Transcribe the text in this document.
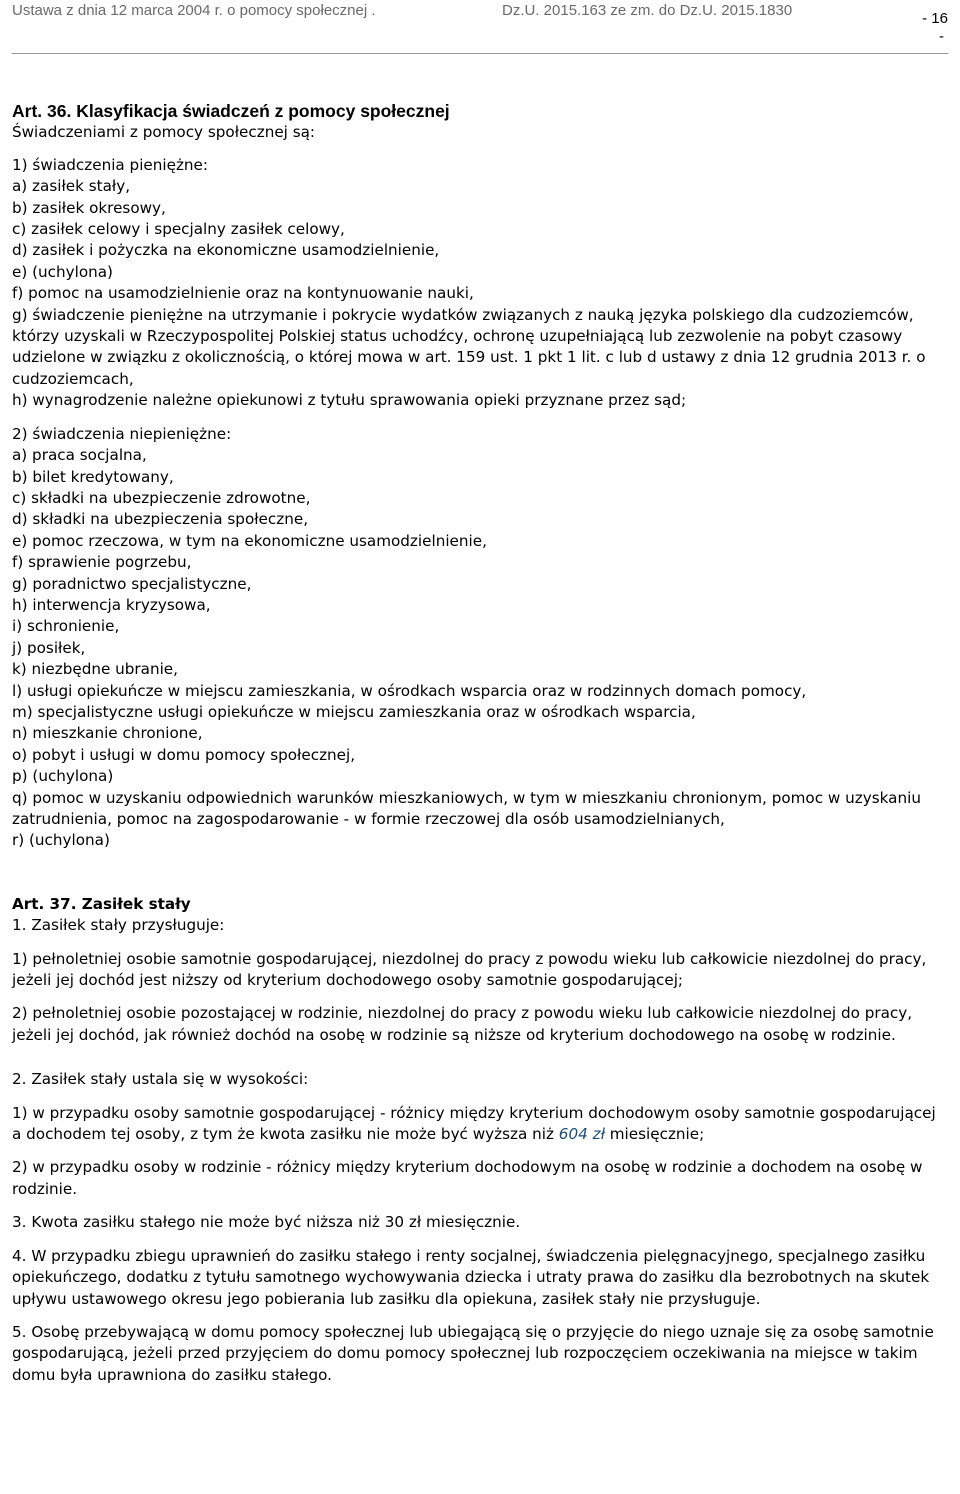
Ustawa z dnia 12 marca 2004 r. o pomocy społecznej .	Dz.U. 2015.163 ze zm. do Dz.U. 2015.1830	- 16
-

Art. 36. Klasyfikacja świadczeń z pomocy społecznej

Świadczeniami z pomocy społecznej są:

1) świadczenia pieniężne:

a) zasiłek stały,

b) zasiłek okresowy,

c) zasiłek celowy i specjalny zasiłek celowy,

d) zasiłek i pożyczka na ekonomiczne usamodzielnienie,

e) (uchylona)

f) pomoc na usamodzielnienie oraz na kontynuowanie nauki,

g) świadczenie pieniężne na utrzymanie i pokrycie wydatków związanych z nauką języka polskiego dla cudzoziemców, którzy uzyskali w Rzeczypospolitej Polskiej status uchodźcy, ochronę uzupełniającą lub zezwolenie na pobyt czasowy udzielone w związku z okolicznością, o której mowa w art. 159 ust. 1 pkt 1 lit. c lub d ustawy z dnia 12 grudnia 2013 r. o cudzoziemcach,

h) wynagrodzenie należne opiekunowi z tytułu sprawowania opieki przyznane przez sąd;

2) świadczenia niepieniężne:

a) praca socjalna,

b) bilet kredytowany,

c) składki na ubezpieczenie zdrowotne,

d) składki na ubezpieczenia społeczne,

e) pomoc rzeczowa, w tym na ekonomiczne usamodzielnienie,

f) sprawienie pogrzebu,

g) poradnictwo specjalistyczne,

h) interwencja kryzysowa,

i) schronienie,

j) posiłek,

k) niezbędne ubranie,

l) usługi opiekuńcze w miejscu zamieszkania, w ośrodkach wsparcia oraz w rodzinnych domach pomocy,

m) specjalistyczne usługi opiekuńcze w miejscu zamieszkania oraz w ośrodkach wsparcia,

n) mieszkanie chronione,

o) pobyt i usługi w domu pomocy społecznej,

p) (uchylona)

q) pomoc w uzyskaniu odpowiednich warunków mieszkaniowych, w tym w mieszkaniu chronionym, pomoc w uzyskaniu zatrudnienia, pomoc na zagospodarowanie - w formie rzeczowej dla osób usamodzielnianych,

r) (uchylona)

Art. 37. Zasiłek stały

1. Zasiłek stały przysługuje:

1) pełnoletniej osobie samotnie gospodarującej, niezdolnej do pracy z powodu wieku lub całkowicie niezdolnej do pracy, jeżeli jej dochód jest niższy od kryterium dochodowego osoby samotnie gospodarującej;

2) pełnoletniej osobie pozostającej w rodzinie, niezdolnej do pracy z powodu wieku lub całkowicie niezdolnej do pracy, jeżeli jej dochód, jak również dochód na osobę w rodzinie są niższe od kryterium dochodowego na osobę w rodzinie.

2. Zasiłek stały ustala się w wysokości:

1) w przypadku osoby samotnie gospodarującej - różnicy między kryterium dochodowym osoby samotnie gospodarującej a dochodem tej osoby, z tym że kwota zasiłku nie może być wyższa niż 604 zł miesięcznie;

2) w przypadku osoby w rodzinie - różnicy między kryterium dochodowym na osobę w rodzinie a dochodem na osobę w rodzinie.

3. Kwota zasiłku stałego nie może być niższa niż 30 zł miesięcznie.

4. W przypadku zbiegu uprawnień do zasiłku stałego i renty socjalnej, świadczenia pielęgnacyjnego, specjalnego zasiłku opiekuńczego, dodatku z tytułu samotnego wychowywania dziecka i utraty prawa do zasiłku dla bezrobotnych na skutek upływu ustawowego okresu jego pobierania lub zasiłku dla opiekuna, zasiłek stały nie przysługuje.

5. Osobę przebywającą w domu pomocy społecznej lub ubiegającą się o przyjęcie do niego uznaje się za osobę samotnie gospodarującą, jeżeli przed przyjęciem do domu pomocy społecznej lub rozpoczęciem oczekiwania na miejsce w takim domu była uprawniona do zasiłku stałego.
